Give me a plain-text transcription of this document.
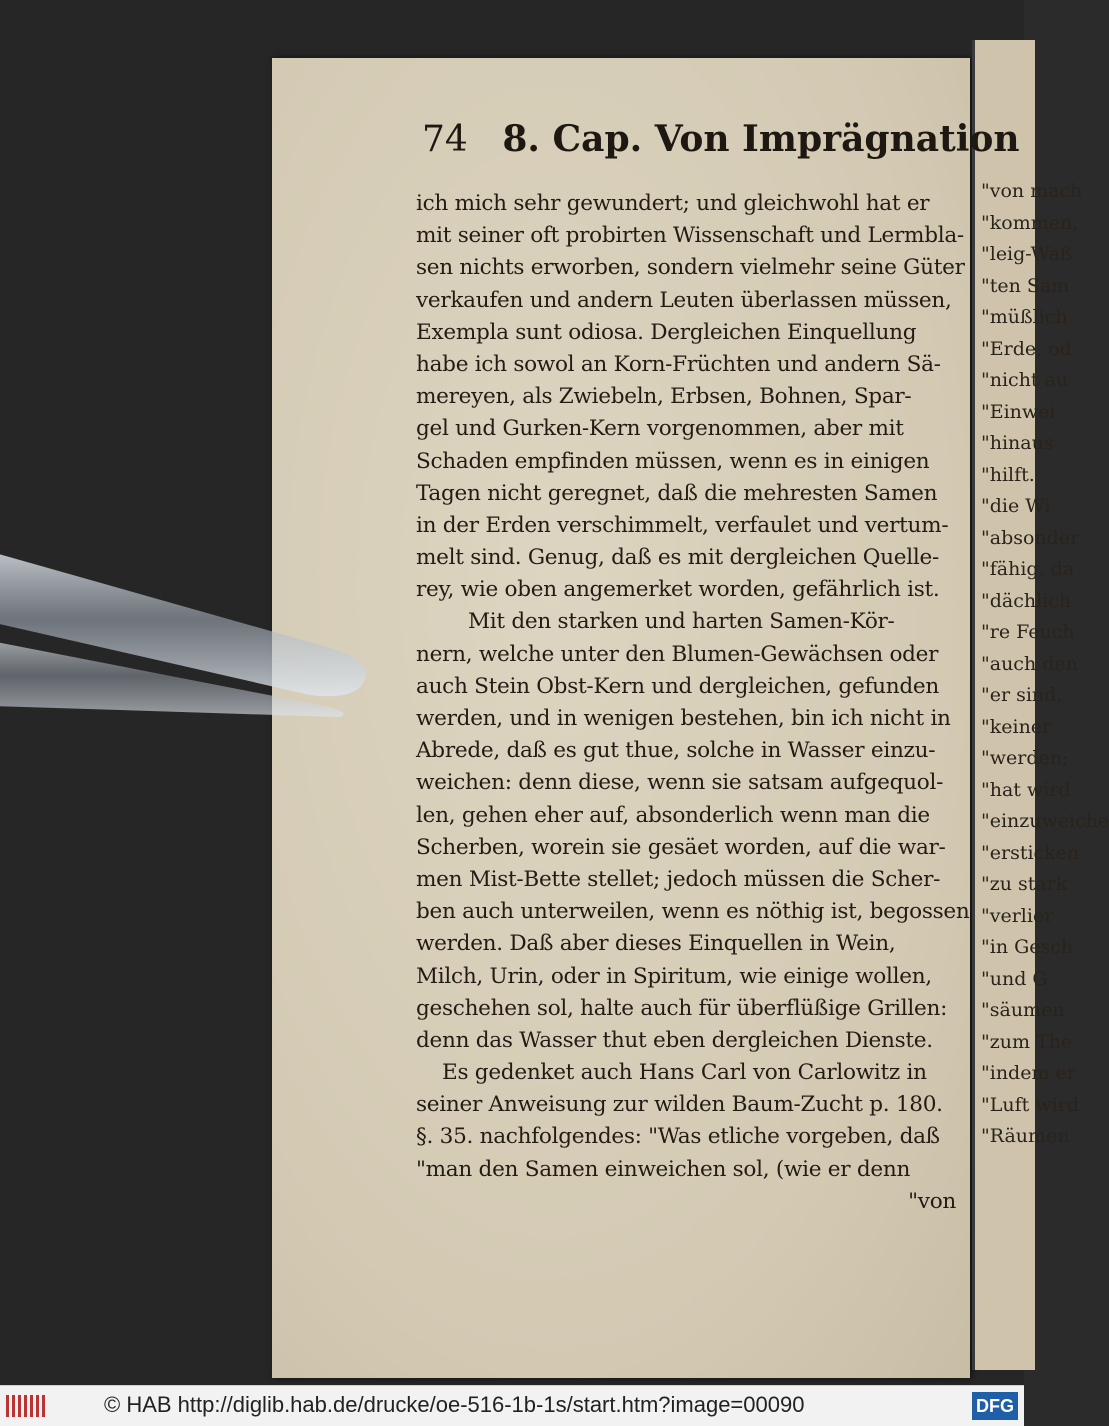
"von mach
"kommen,
"leig-Waß
"ten Sam
"müßlich
"Erde, od
"nicht au
"Einwei
"hinaus
"hilft.
"die Wi
"absonder
"fähig, da
"dächlich
"re Feuch
"auch den
"er sind,
"keiner
"werden;
"hat wird
"einzuweiche
"ersticken
"zu stark
"verlier
"in Gesch
"und G
"säumen
"zum The
"indem er
"Luft wird
"Räumen
74 8. Cap. Von Imprägnation
ich mich sehr gewundert; und gleichwohl hat er
mit seiner oft probirten Wissenschaft und Lermbla-
sen nichts erworben, sondern vielmehr seine Güter
verkaufen und andern Leuten überlassen müssen,
Exempla sunt odiosa. Dergleichen Einquellung
habe ich sowol an Korn-Früchten und andern Sä-
mereyen, als Zwiebeln, Erbsen, Bohnen, Spar-
gel und Gurken-Kern vorgenommen, aber mit
Schaden empfinden müssen, wenn es in einigen
Tagen nicht geregnet, daß die mehresten Samen
in der Erden verschimmelt, verfaulet und vertum-
melt sind. Genug, daß es mit dergleichen Quelle-
rey, wie oben angemerket worden, gefährlich ist.
Mit den starken und harten Samen-Kör-
nern, welche unter den Blumen-Gewächsen oder
auch Stein Obst-Kern und dergleichen, gefunden
werden, und in wenigen bestehen, bin ich nicht in
Abrede, daß es gut thue, solche in Wasser einzu-
weichen: denn diese, wenn sie satsam aufgequol-
len, gehen eher auf, absonderlich wenn man die
Scherben, worein sie gesäet worden, auf die war-
men Mist-Bette stellet; jedoch müssen die Scher-
ben auch unterweilen, wenn es nöthig ist, begossen
werden. Daß aber dieses Einquellen in Wein,
Milch, Urin, oder in Spiritum, wie einige wollen,
geschehen sol, halte auch für überflüßige Grillen:
denn das Wasser thut eben dergleichen Dienste.
Es gedenket auch Hans Carl von Carlowitz in
seiner Anweisung zur wilden Baum-Zucht p. 180.
§. 35. nachfolgendes: "Was etliche vorgeben, daß
"man den Samen einweichen sol, (wie er denn
"von
© HAB http://diglib.hab.de/drucke/oe-516-1b-1s/start.htm?image=00090	DFG
